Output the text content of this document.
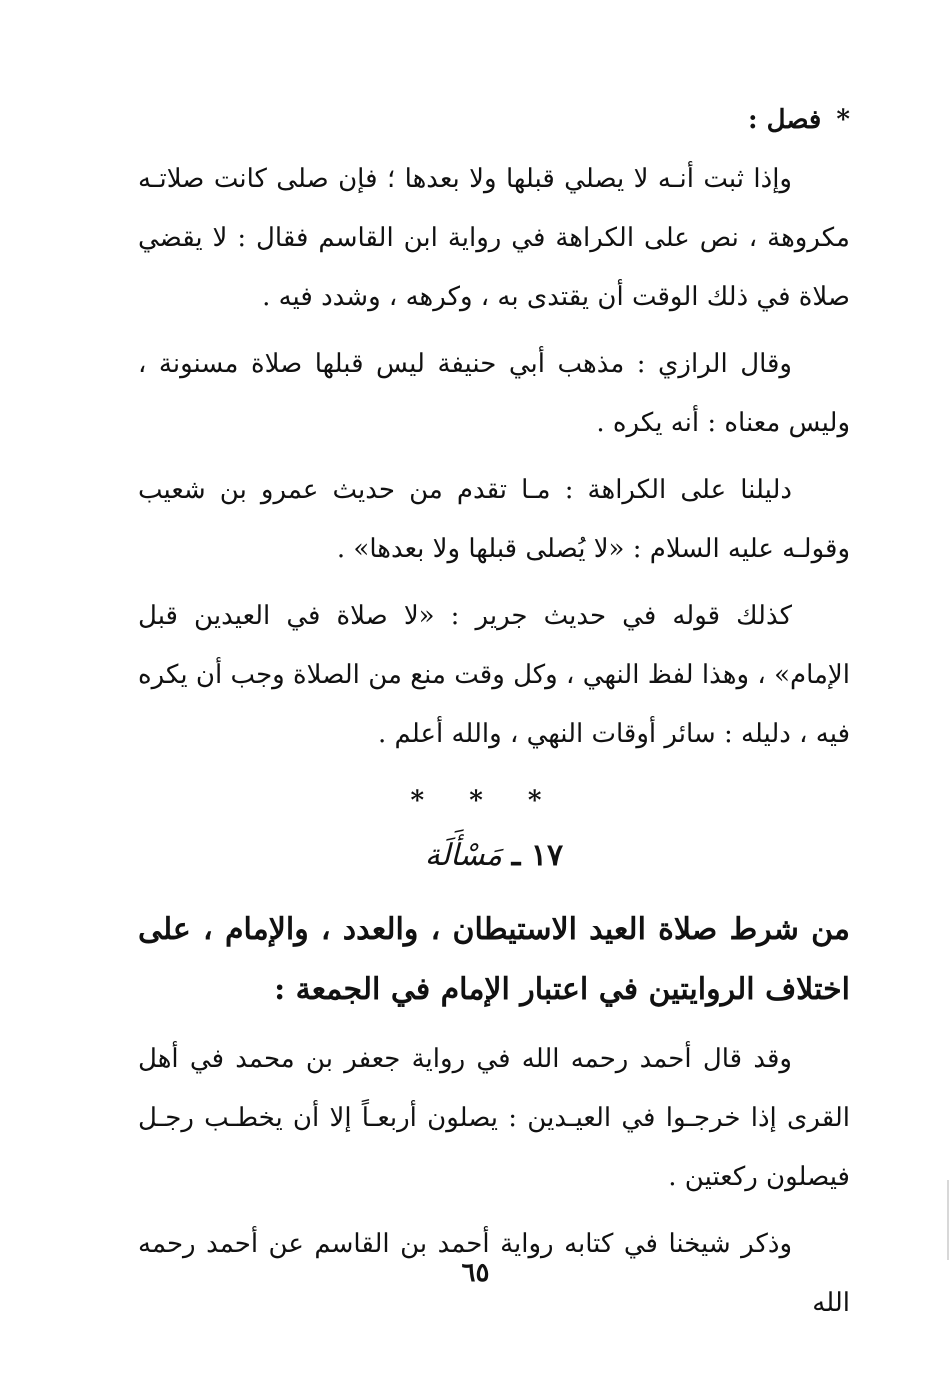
* فصل :

وإذا ثبت أنـه لا يصلي قبلها ولا بعدها ؛ فإن صلى كانت صلاتـه مكروهة ، نص على الكراهة في رواية ابن القاسم فقال : لا يقضي صلاة في ذلك الوقت أن يقتدى به ، وكرهه ، وشدد فيه .

وقال الرازي : مذهب أبي حنيفة ليس قبلها صلاة مسنونة ، وليس معناه : أنه يكره .

دليلنا على الكراهة : مـا تقدم من حديث عمرو بن شعيب وقولـه عليه السلام : «لا يُصلى قبلها ولا بعدها» .

كذلك قوله في حديث جرير : «لا صلاة في العيدين قبل الإمام» ، وهذا لفظ النهي ، وكل وقت منع من الصلاة وجب أن يكره فيه ، دليله : سائر أوقات النهي ، والله أعلم .

* * *
١٧ ـ مَسْأَلَة

من شرط صلاة العيد الاستيطان ، والعدد ، والإمام ، على اختلاف الروايتين في اعتبار الإمام في الجمعة :

وقد قال أحمد رحمه الله في رواية جعفر بن محمد في أهل القرى إذا خرجـوا في العيـدين : يصلون أربعـاً إلا أن يخطـب رجـل فيصلون ركعتين .

وذكر شيخنا في كتابه رواية أحمد بن القاسم عن أحمد رحمه الله

٦٥
